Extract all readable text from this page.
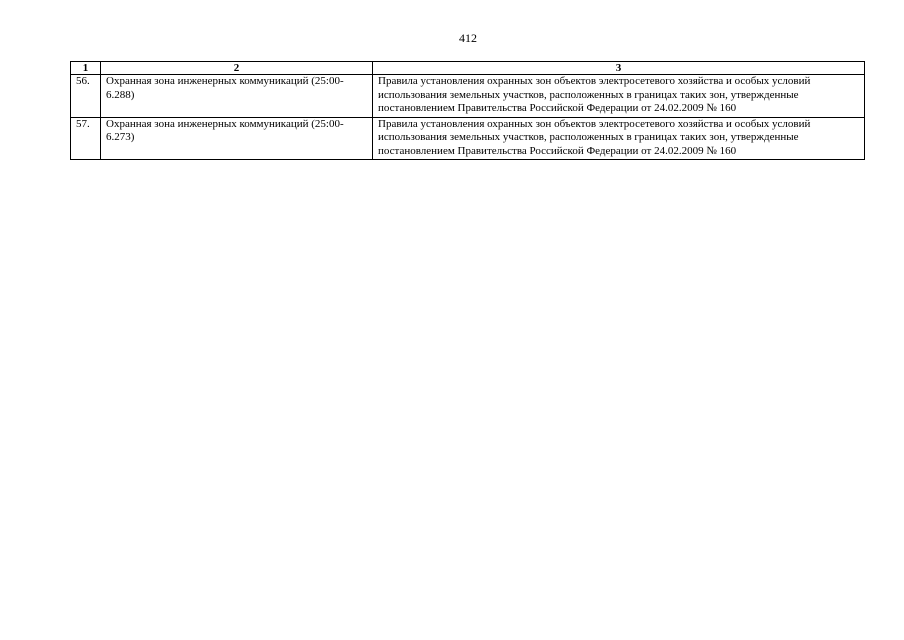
412
1	2	3
56.	Охранная зона инженерных коммуникаций (25:00-6.288)	Правила установления охранных зон объектов электросетевого хозяйства и особых условий использования земельных участков, расположенных в границах таких зон, утвержденные постановлением Правительства Российской Федерации от 24.02.2009 № 160
57.	Охранная зона инженерных коммуникаций (25:00-6.273)	Правила установления охранных зон объектов электросетевого хозяйства и особых условий использования земельных участков, расположенных в границах таких зон, утвержденные постановлением Правительства Российской Федерации от 24.02.2009 № 160
